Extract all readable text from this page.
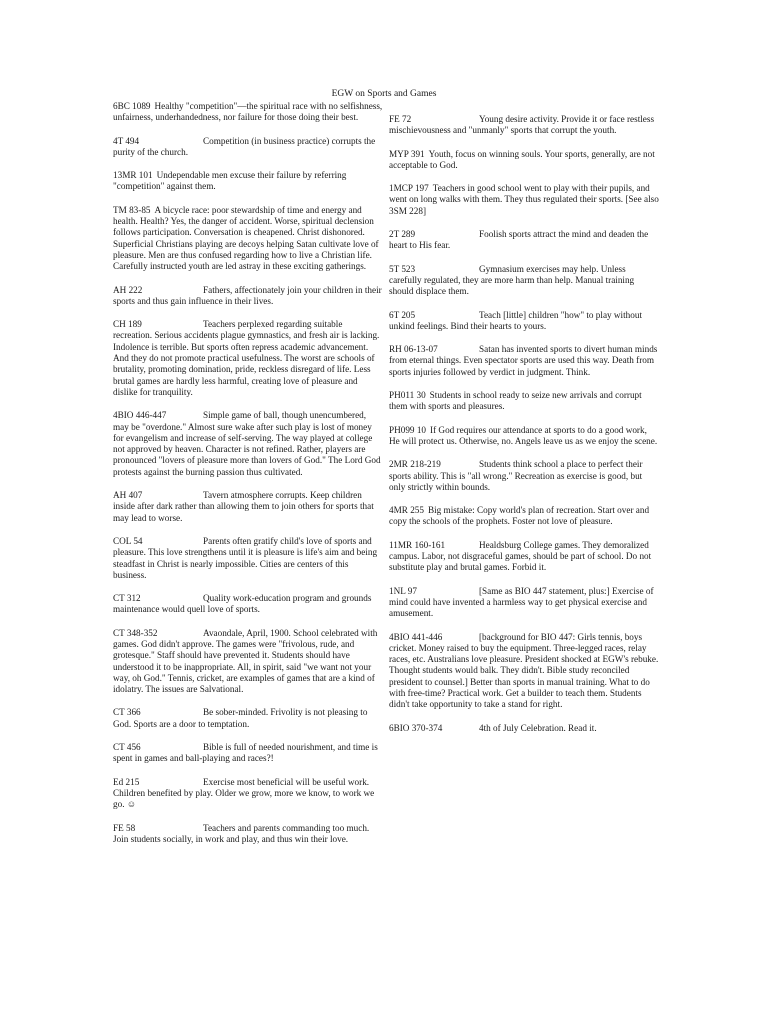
EGW on Sports and Games
6BC 1089 Healthy "competition"—the spiritual race with no selfishness, unfairness, underhandedness, nor failure for those doing their best.
4T 494	Competition (in business practice) corrupts the purity of the church.
13MR 101 Undependable men excuse their failure by referring "competition" against them.
TM 83-85 A bicycle race: poor stewardship of time and energy and health. Health? Yes, the danger of accident. Worse, spiritual declension follows participation. Conversation is cheapened. Christ dishonored. Superficial Christians playing are decoys helping Satan cultivate love of pleasure. Men are thus confused regarding how to live a Christian life. Carefully instructed youth are led astray in these exciting gatherings.
AH 222	Fathers, affectionately join your children in their sports and thus gain influence in their lives.
CH 189	Teachers perplexed regarding suitable recreation. Serious accidents plague gymnastics, and fresh air is lacking. Indolence is terrible. But sports often repress academic advancement. And they do not promote practical usefulness. The worst are schools of brutality, promoting domination, pride, reckless disregard of life. Less brutal games are hardly less harmful, creating love of pleasure and dislike for tranquility.
4BIO 446-447	Simple game of ball, though unencumbered, may be "overdone." Almost sure wake after such play is lost of money for evangelism and increase of self-serving. The way played at college not approved by heaven. Character is not refined. Rather, players are pronounced "lovers of pleasure more than lovers of God." The Lord God protests against the burning passion thus cultivated.
AH 407	Tavern atmosphere corrupts. Keep children inside after dark rather than allowing them to join others for sports that may lead to worse.
COL 54	Parents often gratify child's love of sports and pleasure. This love strengthens until it is pleasure is life's aim and being steadfast in Christ is nearly impossible. Cities are centers of this business.
CT 312	Quality work-education program and grounds maintenance would quell love of sports.
CT 348-352	Avaondale, April, 1900. School celebrated with games. God didn't approve. The games were "frivolous, rude, and grotesque." Staff should have prevented it. Students should have understood it to be inappropriate. All, in spirit, said "we want not your way, oh God." Tennis, cricket, are examples of games that are a kind of idolatry. The issues are Salvational.
CT 366	Be sober-minded. Frivolity is not pleasing to God. Sports are a door to temptation.
CT 456	Bible is full of needed nourishment, and time is spent in games and ball-playing and races?!
Ed 215	Exercise most beneficial will be useful work. Children benefited by play. Older we grow, more we know, to work we go. ☺
FE 58	Teachers and parents commanding too much. Join students socially, in work and play, and thus win their love.
FE 72	Young desire activity. Provide it or face restless mischievousness and "unmanly" sports that corrupt the youth.
MYP 391 Youth, focus on winning souls. Your sports, generally, are not acceptable to God.
1MCP 197 Teachers in good school went to play with their pupils, and went on long walks with them. They thus regulated their sports. [See also 3SM 228]
2T 289	Foolish sports attract the mind and deaden the heart to His fear.
5T 523	Gymnasium exercises may help. Unless carefully regulated, they are more harm than help. Manual training should displace them.
6T 205	Teach [little] children "how" to play without unkind feelings. Bind their hearts to yours.
RH 06-13-07	Satan has invented sports to divert human minds from eternal things. Even spectator sports are used this way. Death from sports injuries followed by verdict in judgment. Think.
PH011 30 Students in school ready to seize new arrivals and corrupt them with sports and pleasures.
PH099 10 If God requires our attendance at sports to do a good work, He will protect us. Otherwise, no. Angels leave us as we enjoy the scene.
2MR 218-219	Students think school a place to perfect their sports ability. This is "all wrong." Recreation as exercise is good, but only strictly within bounds.
4MR 255 Big mistake: Copy world's plan of recreation. Start over and copy the schools of the prophets. Foster not love of pleasure.
11MR 160-161	Healdsburg College games. They demoralized campus. Labor, not disgraceful games, should be part of school. Do not substitute play and brutal games. Forbid it.
1NL 97	[Same as BIO 447 statement, plus:] Exercise of mind could have invented a harmless way to get physical exercise and amusement.
4BIO 441-446	[background for BIO 447: Girls tennis, boys cricket. Money raised to buy the equipment. Three-legged races, relay races, etc. Australians love pleasure. President shocked at EGW's rebuke. Thought students would balk. They didn't. Bible study reconciled president to counsel.] Better than sports in manual training. What to do with free-time? Practical work. Get a builder to teach them. Students didn't take opportunity to take a stand for right.
6BIO 370-374	4th of July Celebration. Read it.
